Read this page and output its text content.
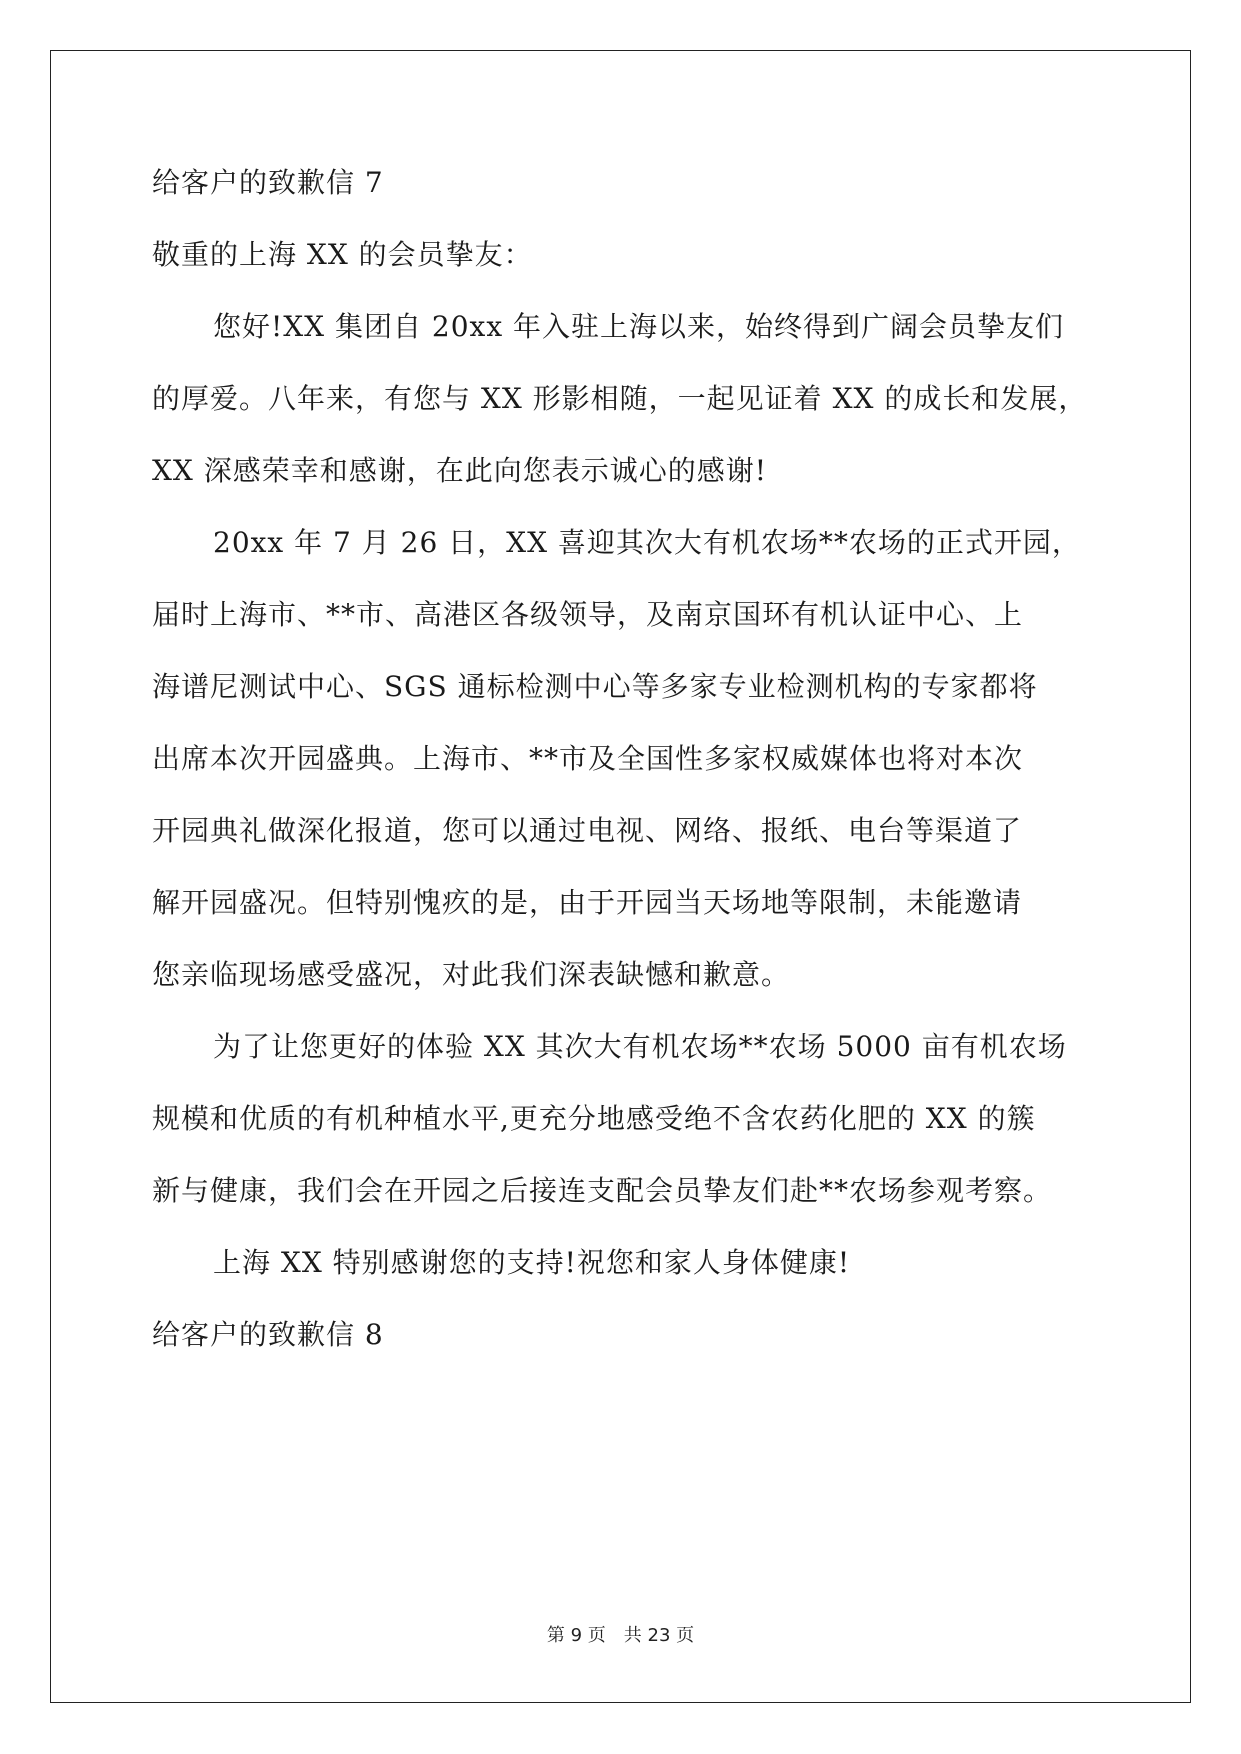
给客户的致歉信 7
敬重的上海 XX 的会员挚友：
您好!XX 集团自 20xx 年入驻上海以来，始终得到广阔会员挚友们
的厚爱。八年来，有您与 XX 形影相随，一起见证着 XX 的成长和发展，
XX 深感荣幸和感谢，在此向您表示诚心的感谢!
20xx 年 7 月 26 日，XX 喜迎其次大有机农场**农场的正式开园，
届时上海市、**市、高港区各级领导，及南京国环有机认证中心、上
海谱尼测试中心、SGS 通标检测中心等多家专业检测机构的专家都将
出席本次开园盛典。上海市、**市及全国性多家权威媒体也将对本次
开园典礼做深化报道，您可以通过电视、网络、报纸、电台等渠道了
解开园盛况。但特别愧疚的是，由于开园当天场地等限制，未能邀请
您亲临现场感受盛况，对此我们深表缺憾和歉意。
为了让您更好的体验 XX 其次大有机农场**农场 5000 亩有机农场
规模和优质的有机种植水平,更充分地感受绝不含农药化肥的 XX 的簇
新与健康，我们会在开园之后接连支配会员挚友们赴**农场参观考察。
上海 XX 特别感谢您的支持!祝您和家人身体健康!
给客户的致歉信 8
第 9 页 共 23 页
